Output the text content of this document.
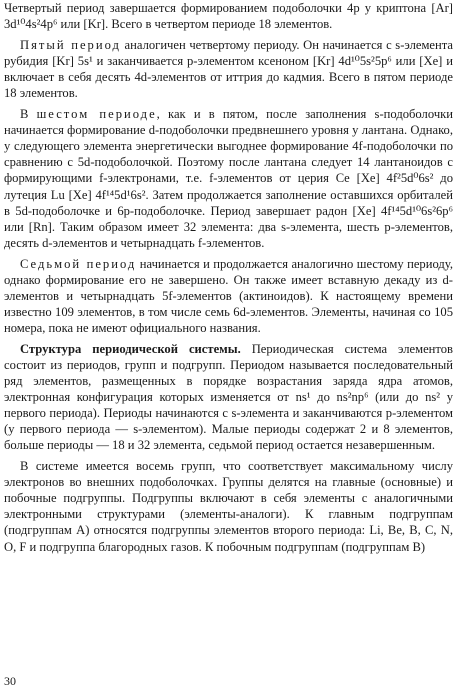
Четвертый период завершается формированием подоболочки 4p у криптона [Ar] 3d¹⁰4s²4p⁶ или [Kr]. Всего в четвертом периоде 18 элементов.

Пятый период аналогичен четвертому периоду. Он начинается с s-элемента рубидия [Kr] 5s¹ и заканчивается p-элементом ксеноном [Kr] 4d¹⁰5s²5p⁶ или [Xe] и включает в себя десять 4d-элементов от иттрия до кадмия. Всего в пятом периоде 18 элементов.

В шестом периоде, как и в пятом, после заполнения s-подоболочки начинается формирование d-подоболочки предвнешнего уровня у лантана. Однако, у следующего элемента энергетически выгоднее формирование 4f-подоболочки по сравнению с 5d-подоболочкой. Поэтому после лантана следует 14 лантаноидов с формирующими f-электронами, т.е. f-элементов от церия Ce [Xe] 4f²5d⁰6s² до лутеция Lu [Xe] 4f¹⁴5d¹6s². Затем продолжается заполнение оставшихся орбиталей в 5d-подоболочке и 6p-подоболочке. Период завершает радон [Xe] 4f¹⁴5d¹⁰6s²6p⁶ или [Rn]. Таким образом имеет 32 элемента: два s-элемента, шесть p-элементов, десять d-элементов и четырнадцать f-элементов.

Седьмой период начинается и продолжается аналогично шестому периоду, однако формирование его не завершено. Он также имеет вставную декаду из d-элементов и четырнадцать 5f-элементов (актиноидов). К настоящему времени известно 109 элементов, в том числе семь 6d-элементов. Элементы, начиная со 105 номера, пока не имеют официального названия.

Структура периодической системы. Периодическая система элементов состоит из периодов, групп и подгрупп. Периодом называется последовательный ряд элементов, размещенных в порядке возрастания заряда ядра атомов, электронная конфигурация которых изменяется от ns¹ до ns²np⁶ (или до ns² у первого периода). Периоды начинаются с s-элемента и заканчиваются p-элементом (у первого периода — s-элементом). Малые периоды содержат 2 и 8 элементов, больше периоды — 18 и 32 элемента, седьмой период остается незавершенным.

В системе имеется восемь групп, что соответствует максимальному числу электронов во внешних подоболочках. Группы делятся на главные (основные) и побочные подгруппы. Подгруппы включают в себя элементы с аналогичными электронными структурами (элементы-аналоги). К главным подгруппам (подгруппам А) относятся подгруппы элементов второго периода: Li, Be, B, C, N, O, F и подгруппа благородных газов. К побочным подгруппам (подгруппам В)

30
